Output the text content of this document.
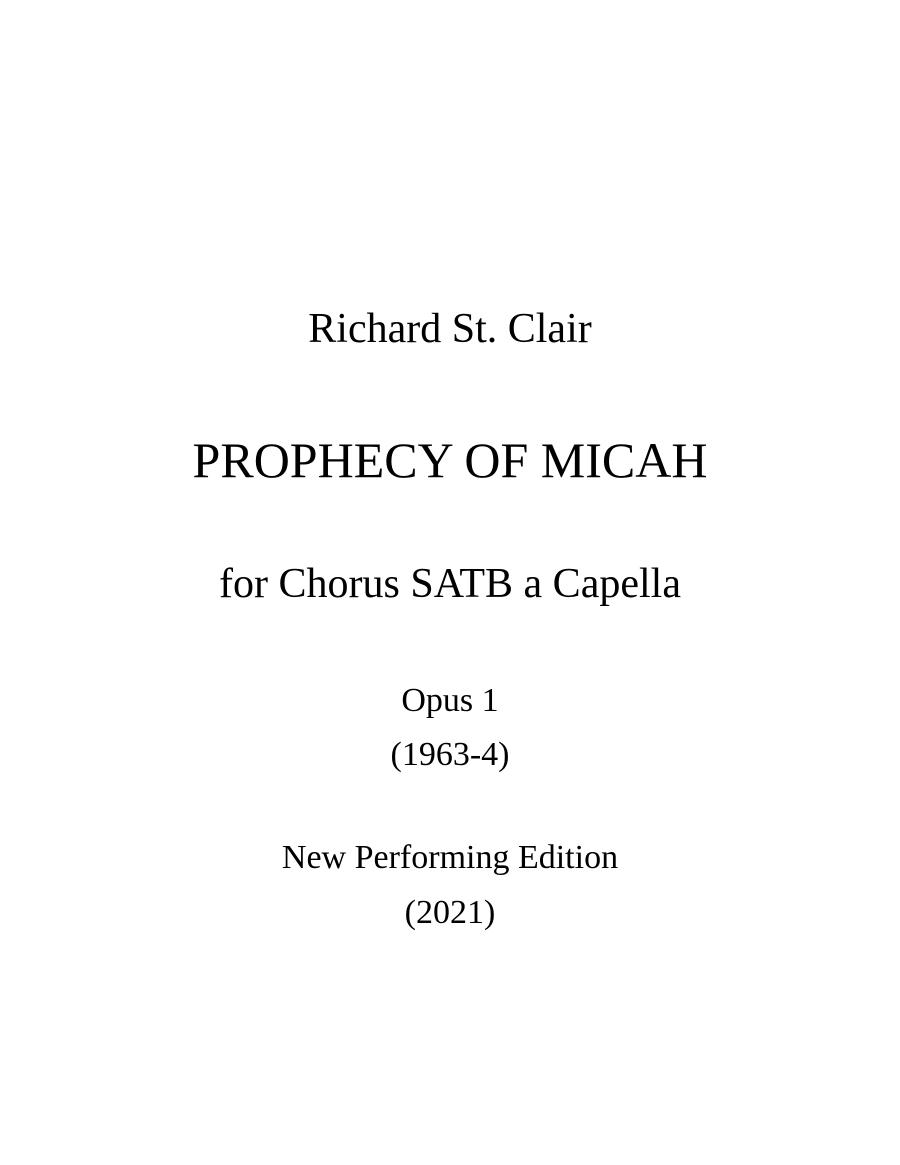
Richard St. Clair
PROPHECY OF MICAH
for Chorus SATB a Capella
Opus 1
(1963-4)
New Performing Edition
(2021)
